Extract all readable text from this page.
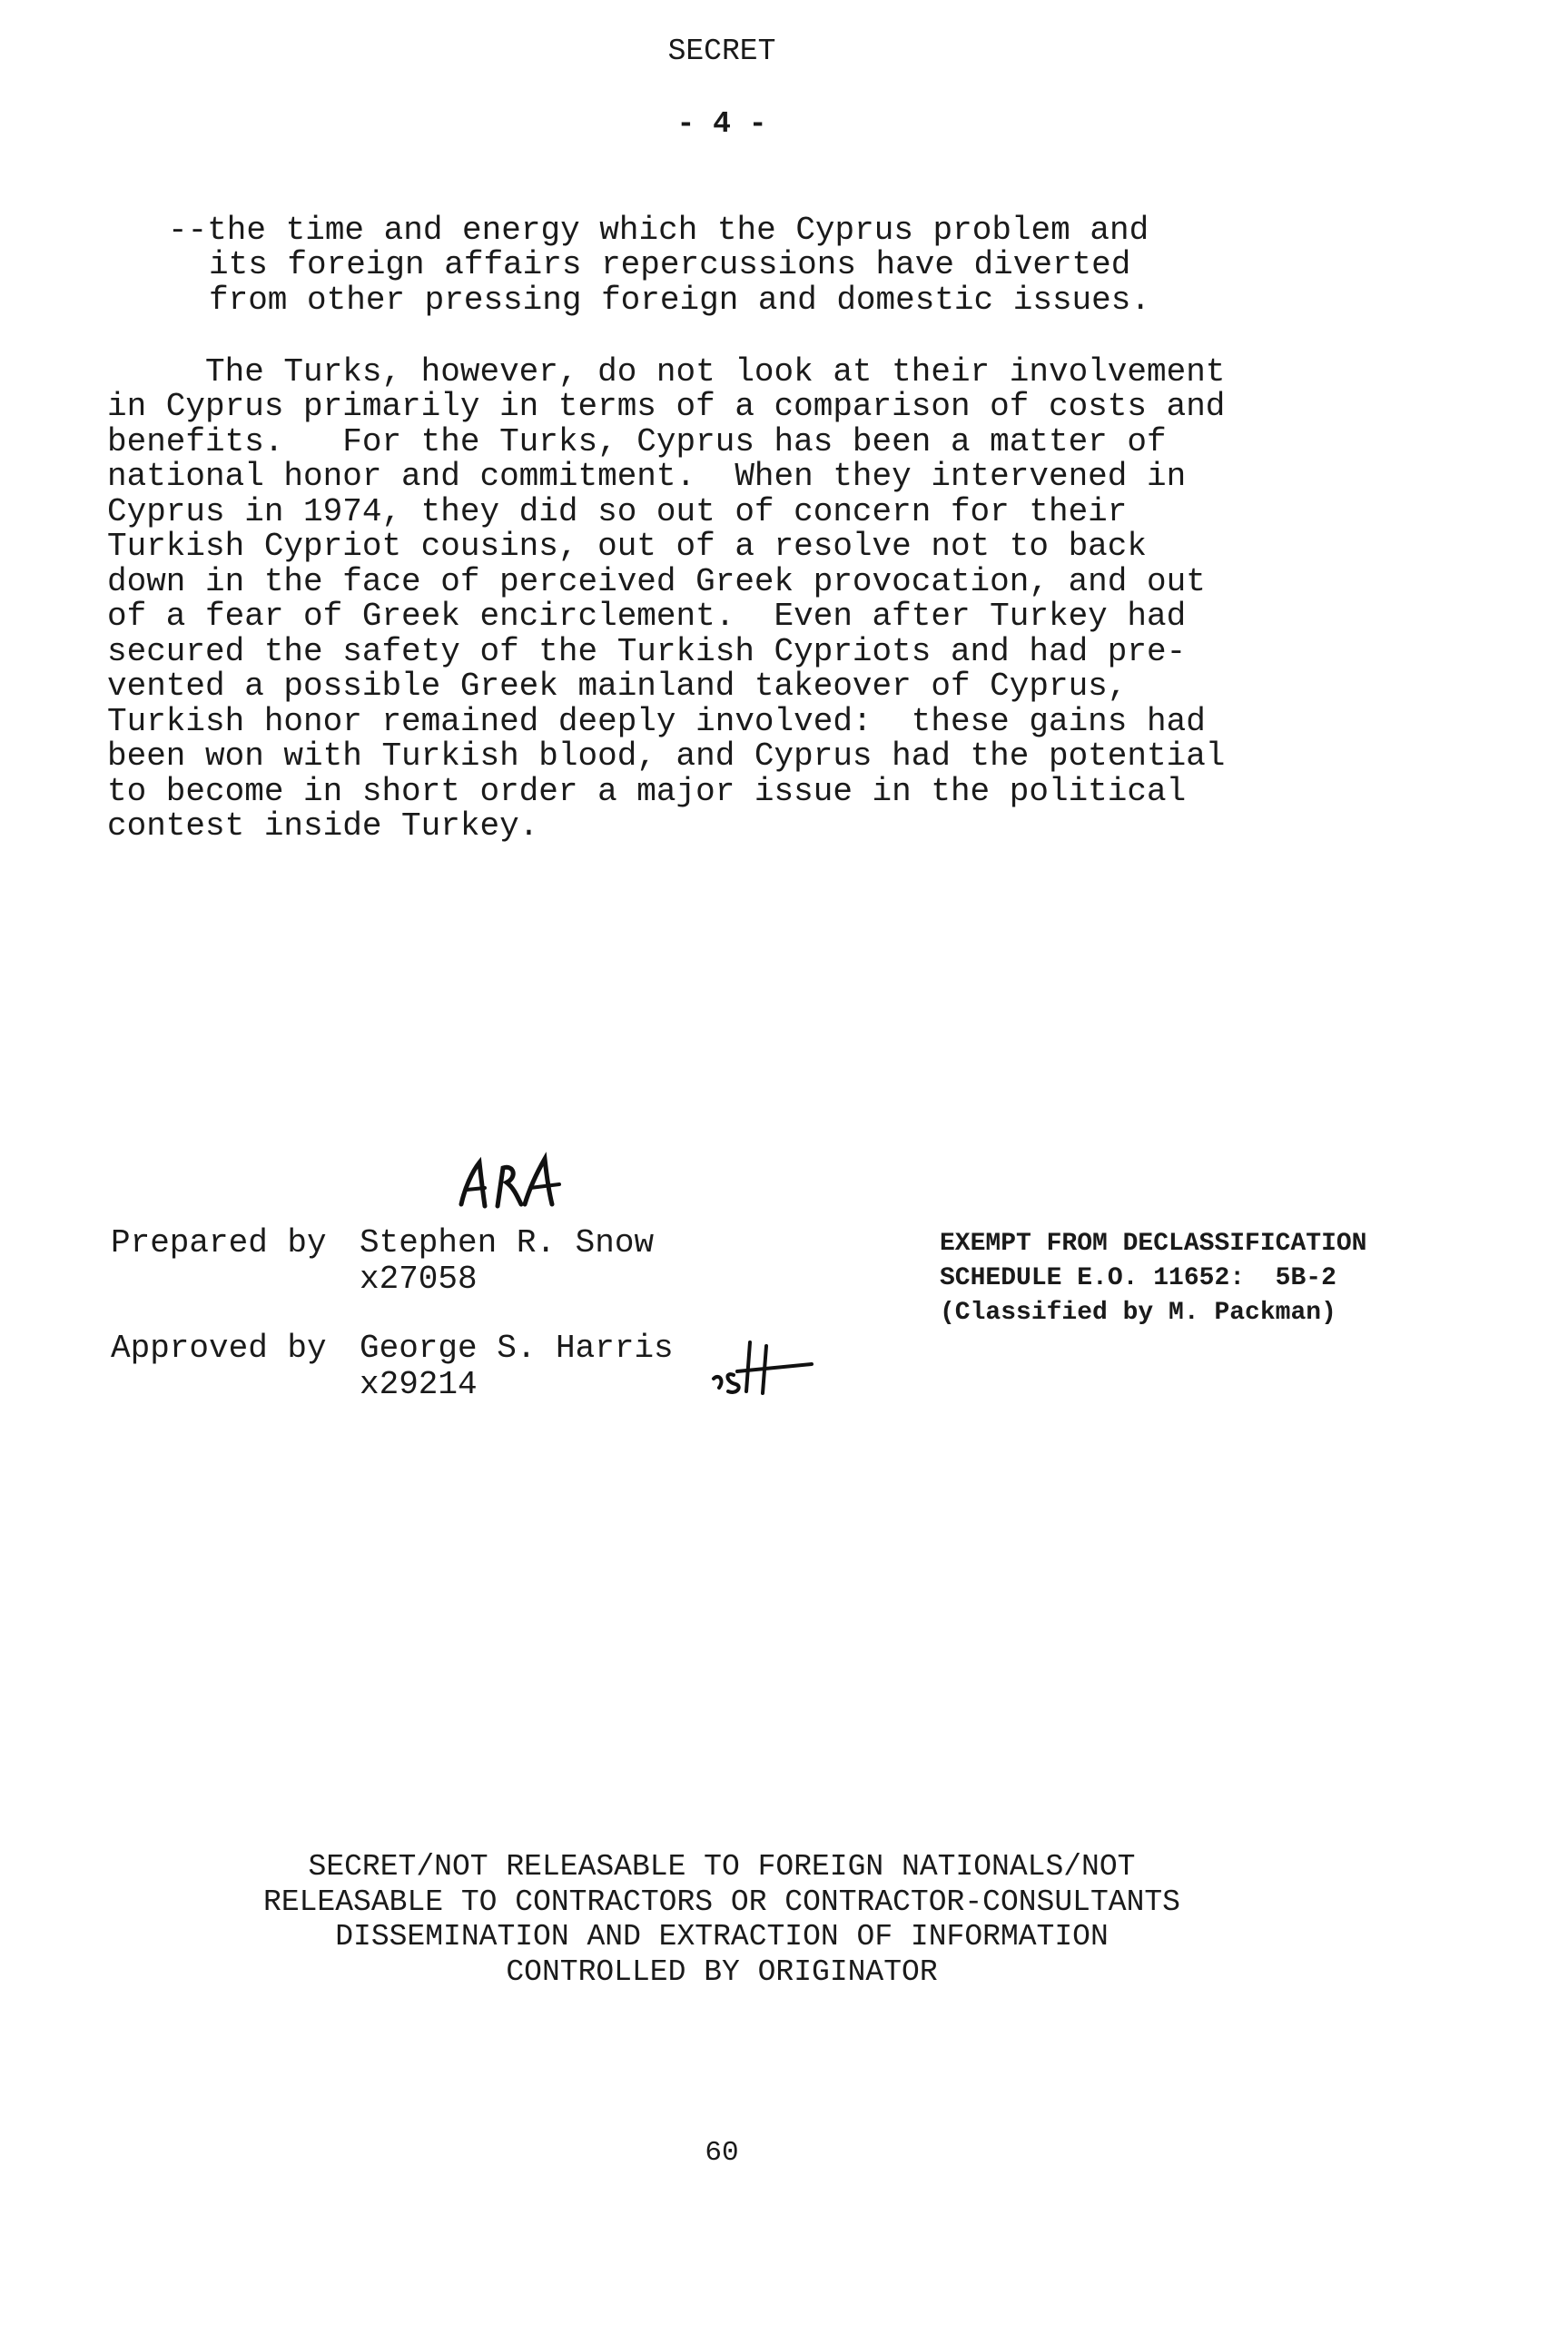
SECRET
- 4 -
--the time and energy which the Cyprus problem and
its foreign affairs repercussions have diverted
from other pressing foreign and domestic issues.
The Turks, however, do not look at their involvement
in Cyprus primarily in terms of a comparison of costs and
benefits.   For the Turks, Cyprus has been a matter of
national honor and commitment.  When they intervened in
Cyprus in 1974, they did so out of concern for their
Turkish Cypriot cousins, out of a resolve not to back
down in the face of perceived Greek provocation, and out
of a fear of Greek encirclement.  Even after Turkey had
secured the safety of the Turkish Cypriots and had pre-
vented a possible Greek mainland takeover of Cyprus,
Turkish honor remained deeply involved:  these gains had
been won with Turkish blood, and Cyprus had the potential
to become in short order a major issue in the political
contest inside Turkey.
Prepared by Stephen R. Snow
x27058
Approved by George S. Harris
x29214
EXEMPT FROM DECLASSIFICATION
SCHEDULE E.O. 11652:  5B-2
(Classified by M. Packman)
SECRET/NOT RELEASABLE TO FOREIGN NATIONALS/NOT
RELEASABLE TO CONTRACTORS OR CONTRACTOR-CONSULTANTS
DISSEMINATION AND EXTRACTION OF INFORMATION
CONTROLLED BY ORIGINATOR
60
